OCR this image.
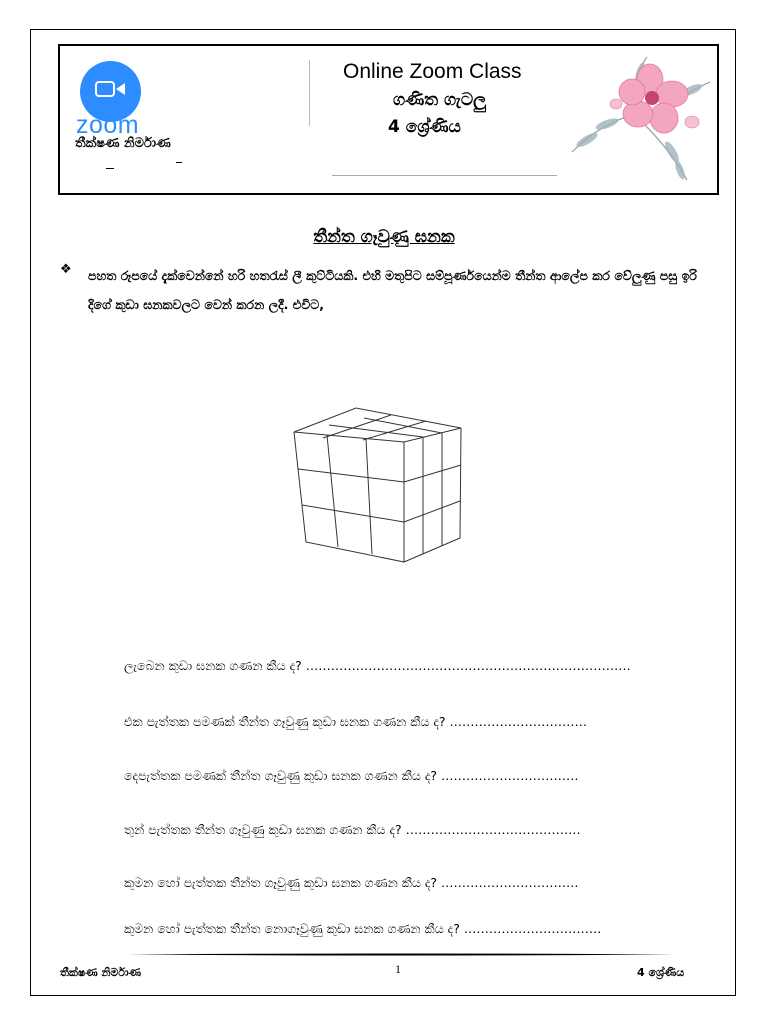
zoom
තීක්ෂණ නිර්මාණ
Online Zoom Class
ගණිත ගැටලු
4 ශ්‍රේණිය
තීන්ත ගෑවුණු ඝනක
❖ පහත රූපයේ දැක්වෙන්නේ හරි හතරැස් ලී කුට්ටියකි. එහි මතුපිට සම්පූර්ණයෙන්ම තීන්ත ආලේප කර වේලුණු පසු ඉරි දිගේ කුඩා ඝනකවලට වෙන් කරන ලදී. එවිට,
ලැබෙන කුඩා ඝනක ගණන කීය ද? ……………………………………………………………………
එක පැත්තක පමණක් තීන්ත ගෑවුණු කුඩා ඝනක ගණන කීය ද? ……………………………
දෙපැත්තක පමණක් තීන්ත ගෑවුණු කුඩා ඝනක ගණන කීය ද? ……………………………
තුන් පැත්තක තීන්ත ගෑවුණු කුඩා ඝනක ගණන කීය ද? ……………………………………
කුමන හෝ පැත්තක තීන්ත ගෑවුණු කුඩා ඝනක ගණන කීය ද? ……………………………
කුමන හෝ පැත්තක තීන්ත නොගෑවුණු කුඩා ඝනක ගණන කීය ද? ……………………………
තීක්ෂණ නිර්මාණ	1	4 ශ්‍රේණිය
